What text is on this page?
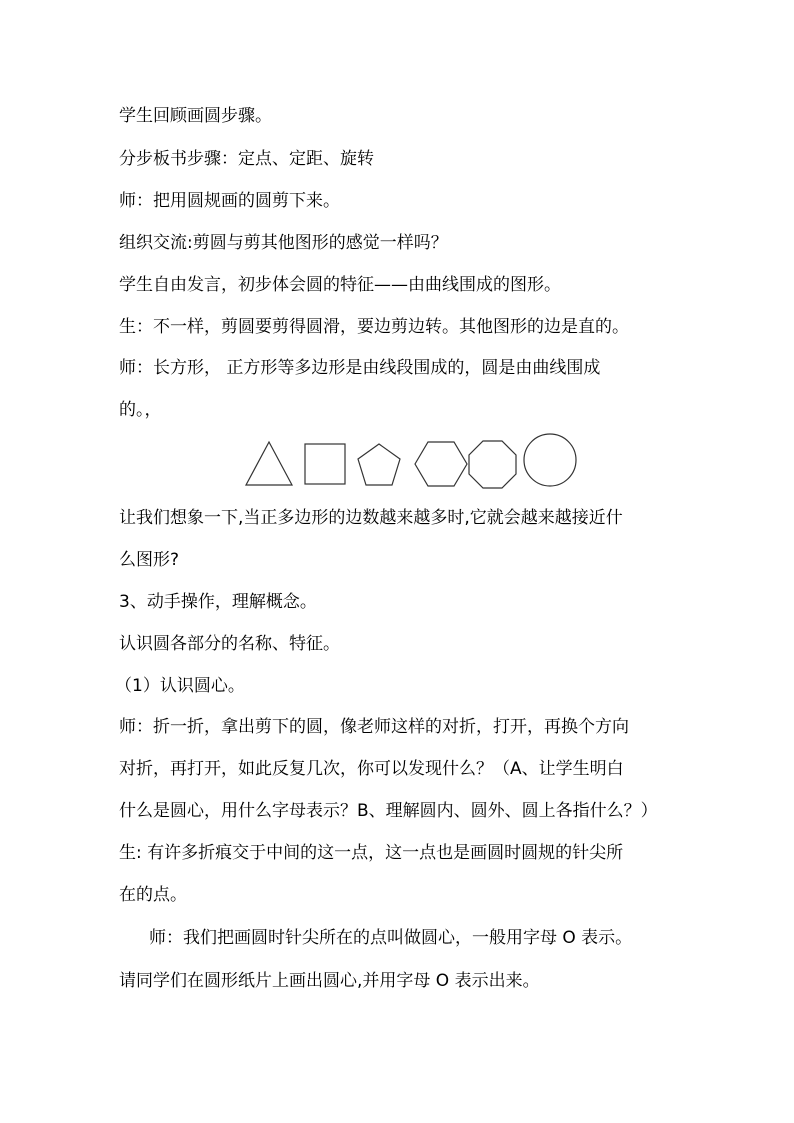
学生回顾画圆步骤。
分步板书步骤：定点、定距、旋转
师：把用圆规画的圆剪下来。
组织交流:剪圆与剪其他图形的感觉一样吗？
学生自由发言，初步体会圆的特征——由曲线围成的图形。
生：不一样，剪圆要剪得圆滑，要边剪边转。其他图形的边是直的。
师：长方形， 正方形等多边形是由线段围成的，圆是由曲线围成
的。，
让我们想象一下,当正多边形的边数越来越多时,它就会越来越接近什
么图形?
3、动手操作，理解概念。
认识圆各部分的名称、特征。
（1）认识圆心。
师：折一折，拿出剪下的圆，像老师这样的对折，打开，再换个方向
对折，再打开，如此反复几次，你可以发现什么？（A、让学生明白
什么是圆心，用什么字母表示？B、理解圆内、圆外、圆上各指什么？）
生: 有许多折痕交于中间的这一点，这一点也是画圆时圆规的针尖所
在的点。
师：我们把画圆时针尖所在的点叫做圆心，一般用字母 O 表示。
请同学们在圆形纸片上画出圆心,并用字母 O 表示出来。
